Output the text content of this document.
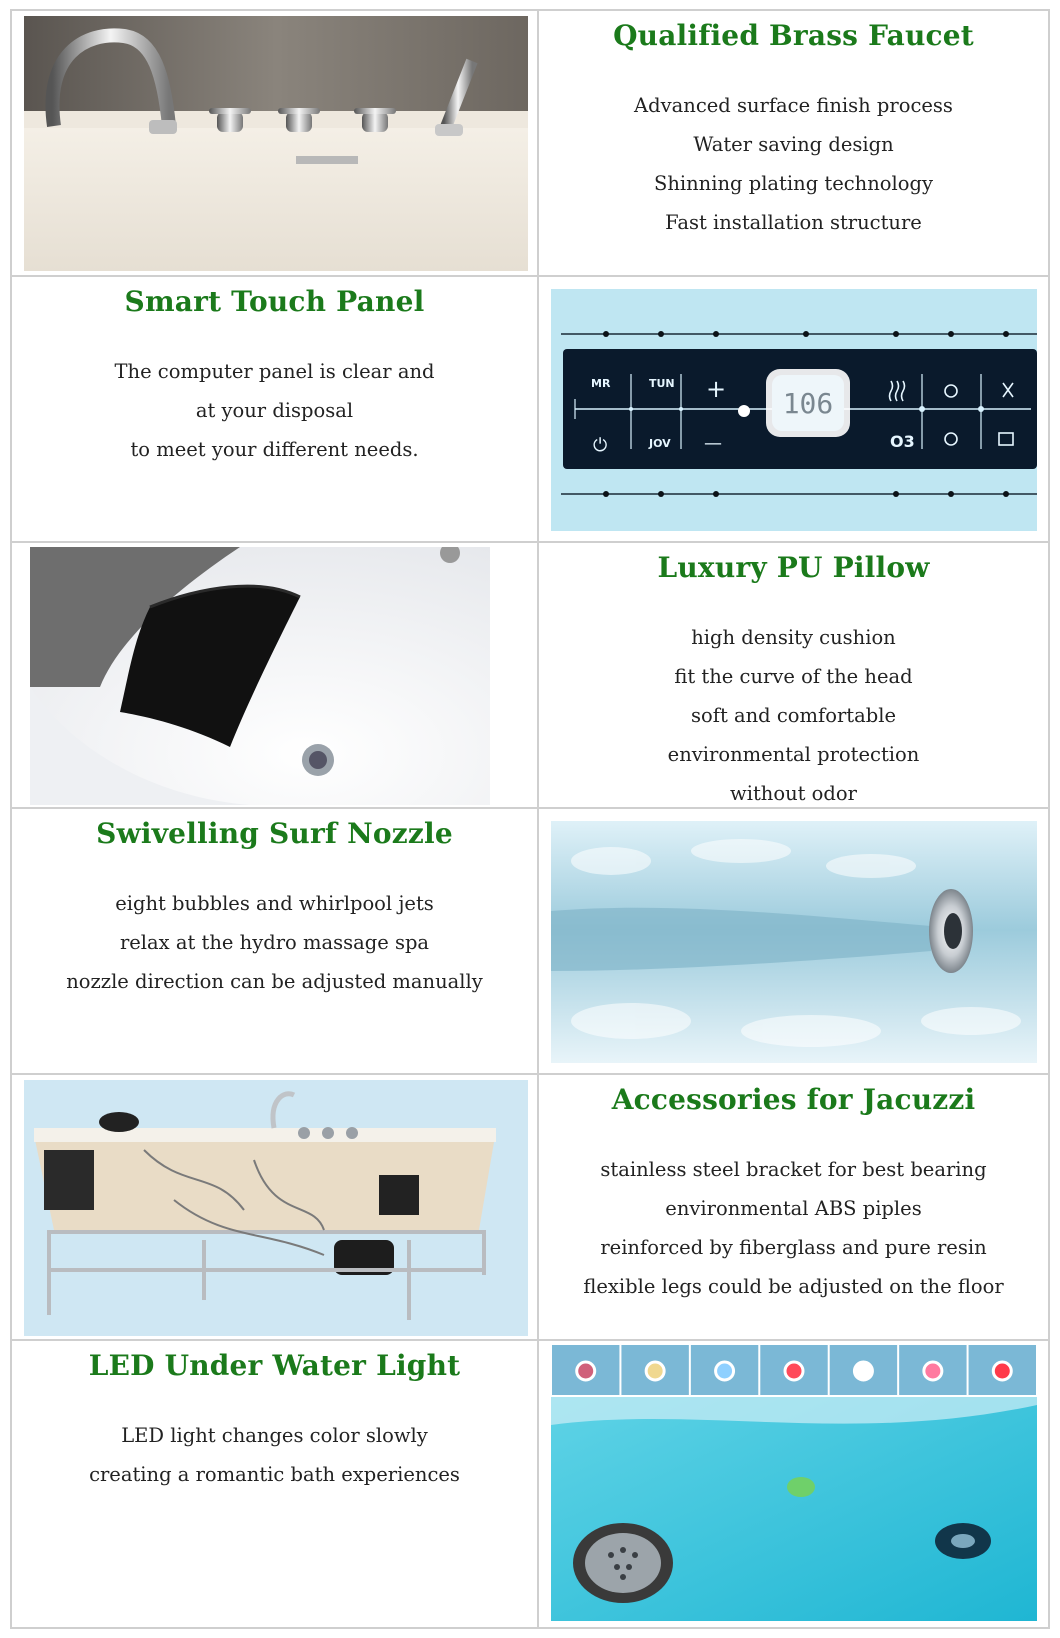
Qualified Brass Faucet
Advanced surface finish process
Water saving design
Shinning plating technology
Fast installation structure
Smart Touch Panel
The computer panel is clear and
at your disposal
to meet your different needs.
106
MR	TUN
JOV	O3
⏻
+
—
Luxury PU Pillow
high density cushion
fit the curve of the head
soft and comfortable
environmental protection
without odor
Swivelling Surf Nozzle
eight bubbles and whirlpool jets
relax at the hydro massage spa
nozzle direction can be adjusted manually
Accessories for Jacuzzi
stainless steel bracket for best bearing
environmental ABS piples
reinforced by fiberglass and pure resin
flexible legs could be adjusted on the floor
LED Under Water Light
LED light changes color slowly
creating a romantic bath experiences
